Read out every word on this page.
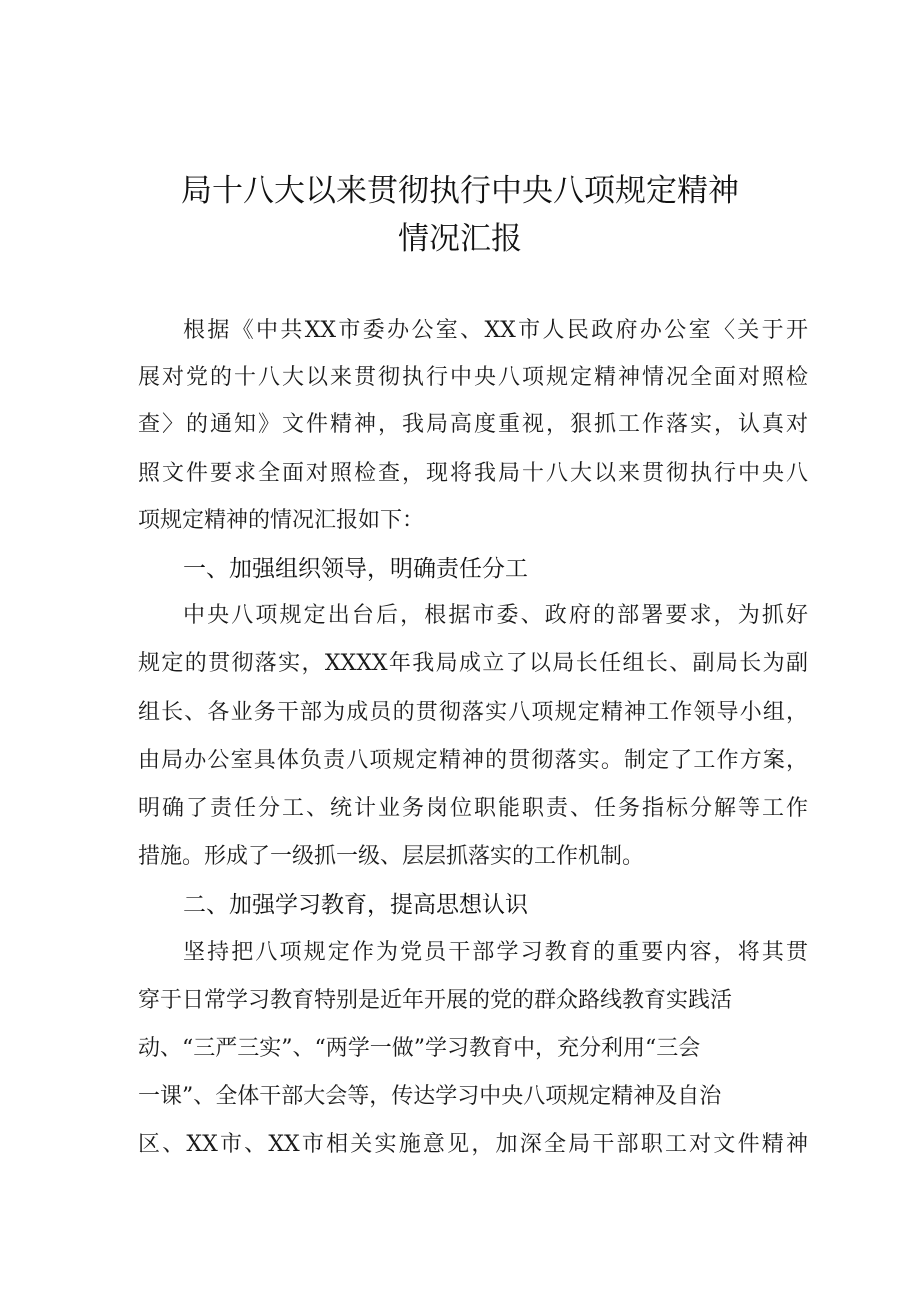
局十八大以来贯彻执行中央八项规定精神
情况汇报
根据《中共XX市委办公室、XX市人民政府办公室〈关于开
展对党的十八大以来贯彻执行中央八项规定精神情况全面对照检
查〉的通知》文件精神，我局高度重视，狠抓工作落实，认真对
照文件要求全面对照检查，现将我局十八大以来贯彻执行中央八
项规定精神的情况汇报如下：
一、加强组织领导，明确责任分工
中央八项规定出台后，根据市委、政府的部署要求，为抓好
规定的贯彻落实，XXXX年我局成立了以局长任组长、副局长为副
组长、各业务干部为成员的贯彻落实八项规定精神工作领导小组，
由局办公室具体负责八项规定精神的贯彻落实。制定了工作方案，
明确了责任分工、统计业务岗位职能职责、任务指标分解等工作
措施。形成了一级抓一级、层层抓落实的工作机制。
二、加强学习教育，提高思想认识
坚持把八项规定作为党员干部学习教育的重要内容，将其贯
穿于日常学习教育特别是近年开展的党的群众路线教育实践活
动、“三严三实”、“两学一做”学习教育中，充分利用“三会
一课”、全体干部大会等，传达学习中央八项规定精神及自治
区、XX市、XX市相关实施意见，加深全局干部职工对文件精神
